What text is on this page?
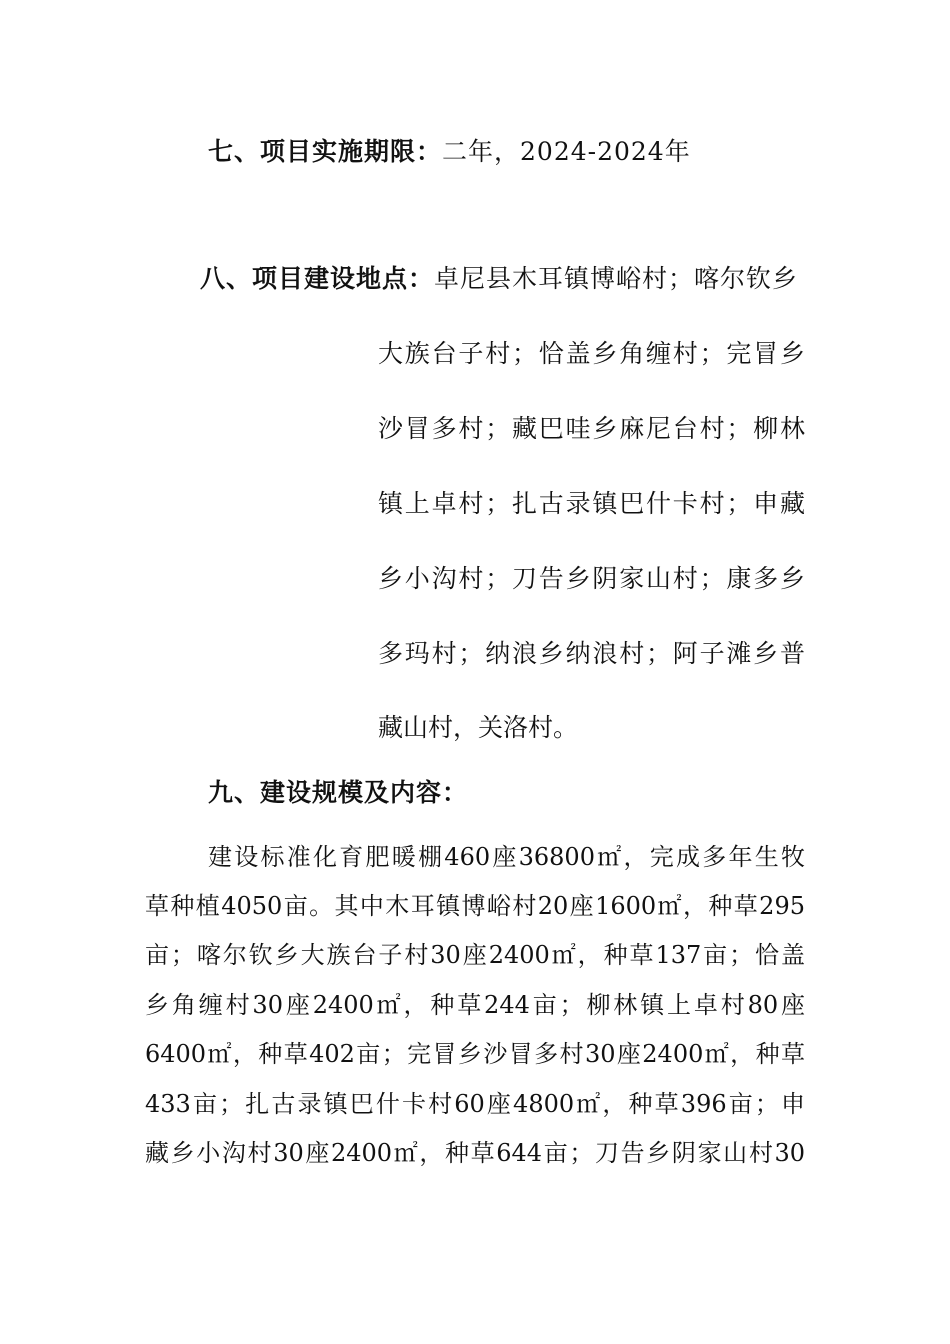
七、项目实施期限：二年，2024-2024年
八、项目建设地点：卓尼县木耳镇博峪村；喀尔钦乡
大族台子村；恰盖乡角缠村；完冒乡
沙冒多村；藏巴哇乡麻尼台村；柳林
镇上卓村；扎古录镇巴什卡村；申藏
乡小沟村；刀告乡阴家山村；康多乡
多玛村；纳浪乡纳浪村；阿子滩乡普
藏山村，关洛村。
九、建设规模及内容：
建设标准化育肥暖棚460座36800㎡，完成多年生牧
草种植4050亩。其中木耳镇博峪村20座1600㎡，种草295
亩；喀尔钦乡大族台子村30座2400㎡，种草137亩；恰盖
乡角缠村30座2400㎡，种草244亩；柳林镇上卓村80座
6400㎡，种草402亩；完冒乡沙冒多村30座2400㎡，种草
433亩；扎古录镇巴什卡村60座4800㎡，种草396亩；申
藏乡小沟村30座2400㎡，种草644亩；刀告乡阴家山村30
